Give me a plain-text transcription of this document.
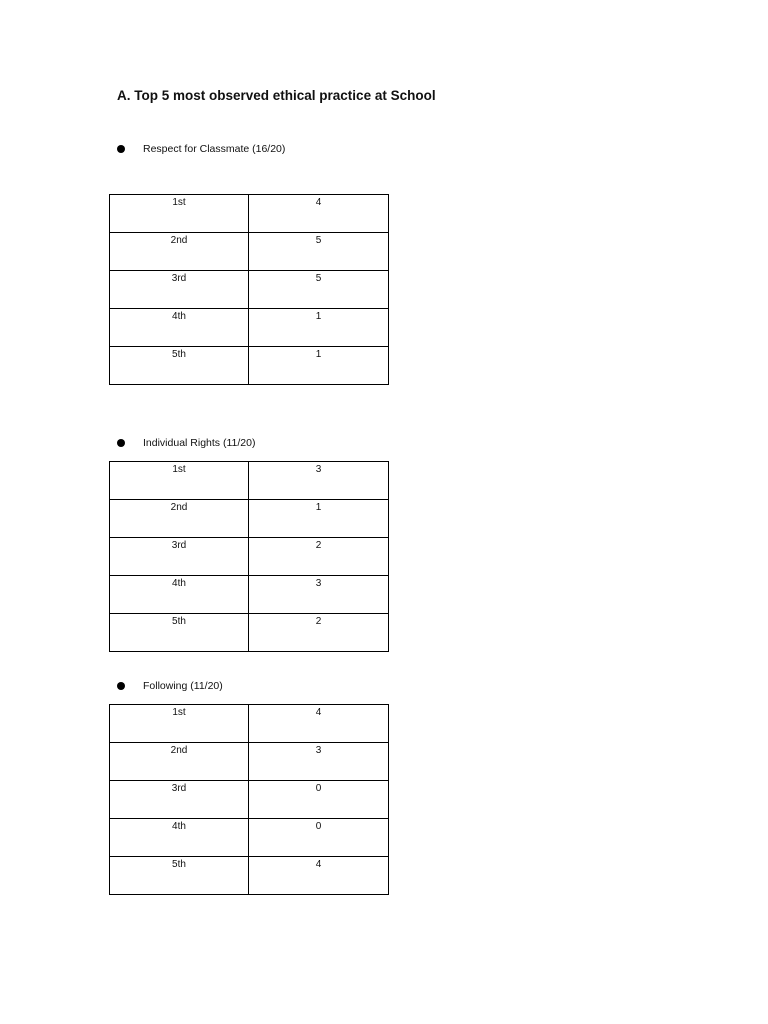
A. Top 5 most observed ethical practice at School
Respect for Classmate (16/20)
1st	4

2nd	5

3rd	5

4th	1

5th	1
Individual Rights (11/20)
1st	3

2nd	1

3rd	2

4th	3

5th	2
Following (11/20)
1st	4

2nd	3

3rd	0

4th	0

5th	4
